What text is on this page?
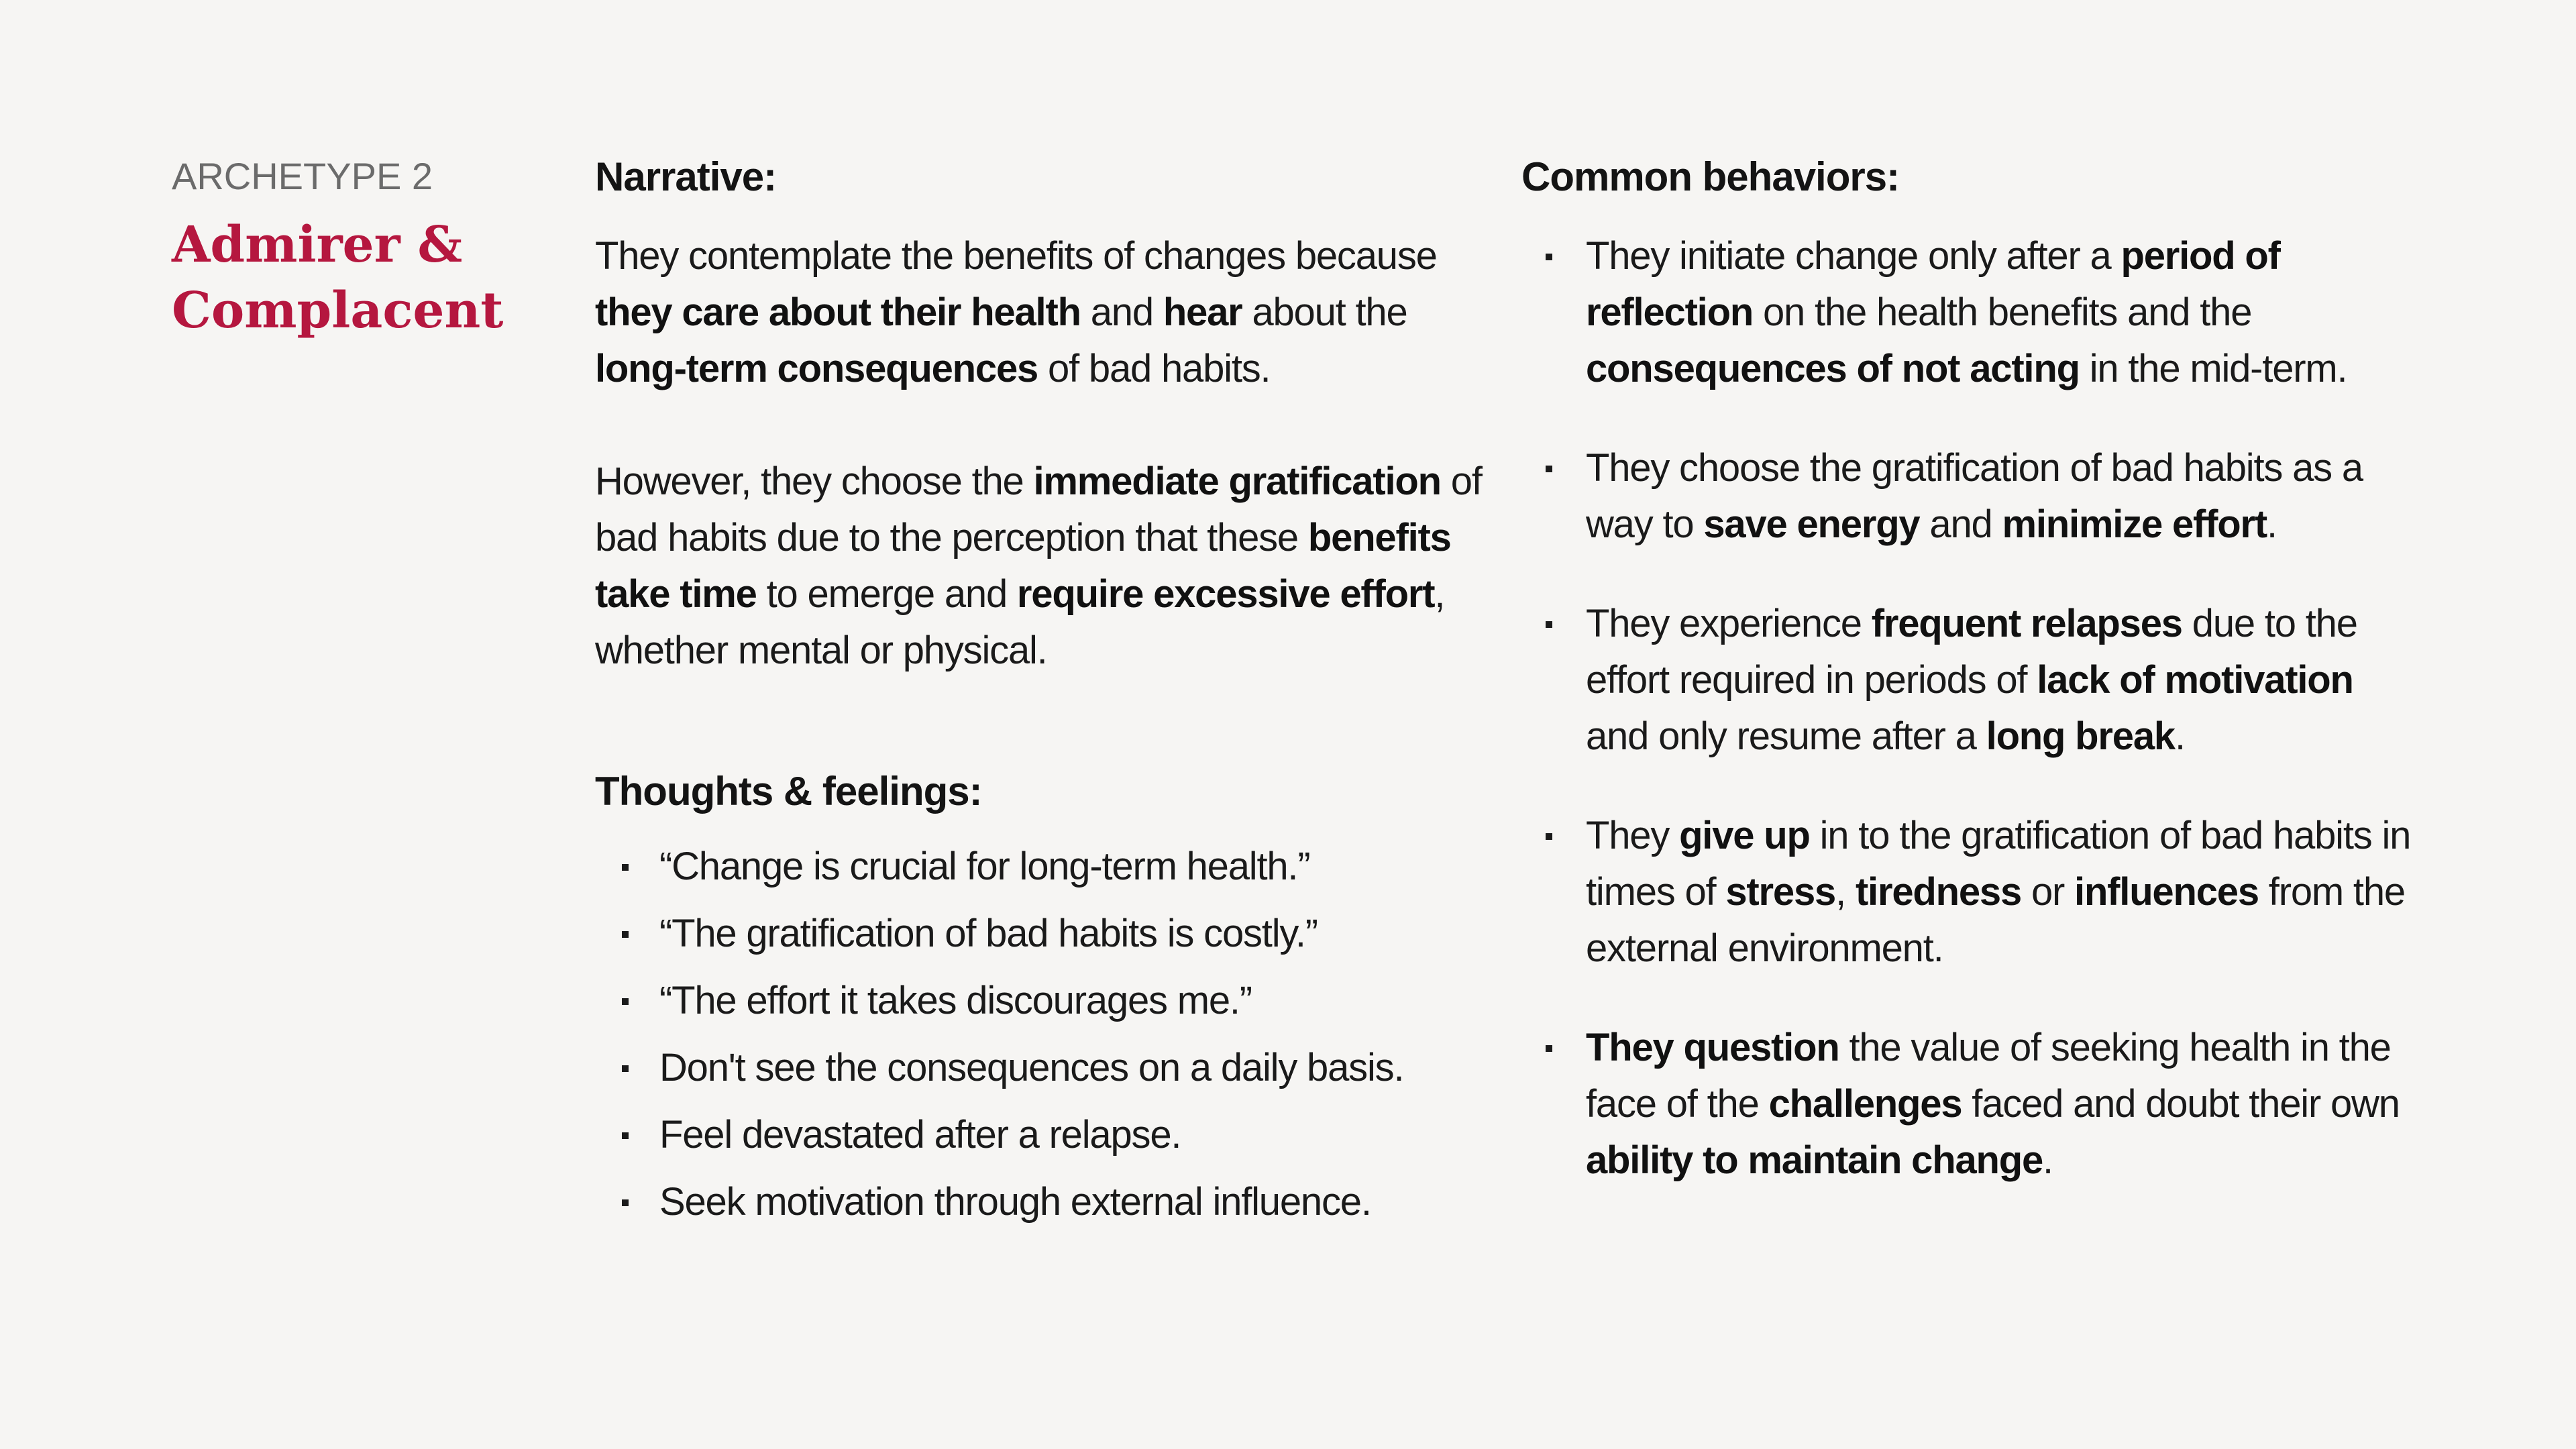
ARCHETYPE 2

Admirer &
Complacent
Narrative:

They contemplate the benefits of changes because they care about their health and hear about the long-term consequences of bad habits.

However, they choose the immediate gratification of bad habits due to the perception that these benefits take time to emerge and require excessive effort, whether mental or physical.

Thoughts & feelings:
“Change is crucial for long-term health.”
“The gratification of bad habits is costly.”
“The effort it takes discourages me.”
Don't see the consequences on a daily basis.
Feel devastated after a relapse.
Seek motivation through external influence.
Common behaviors:
They initiate change only after a period of reflection on the health benefits and the consequences of not acting in the mid-term.
They choose the gratification of bad habits as a way to save energy and minimize effort.
They experience frequent relapses due to the effort required in periods of lack of motivation and only resume after a long break.
They give up in to the gratification of bad habits in times of stress, tiredness or influences from the external environment.
They question the value of seeking health in the face of the challenges faced and doubt their own ability to maintain change.
